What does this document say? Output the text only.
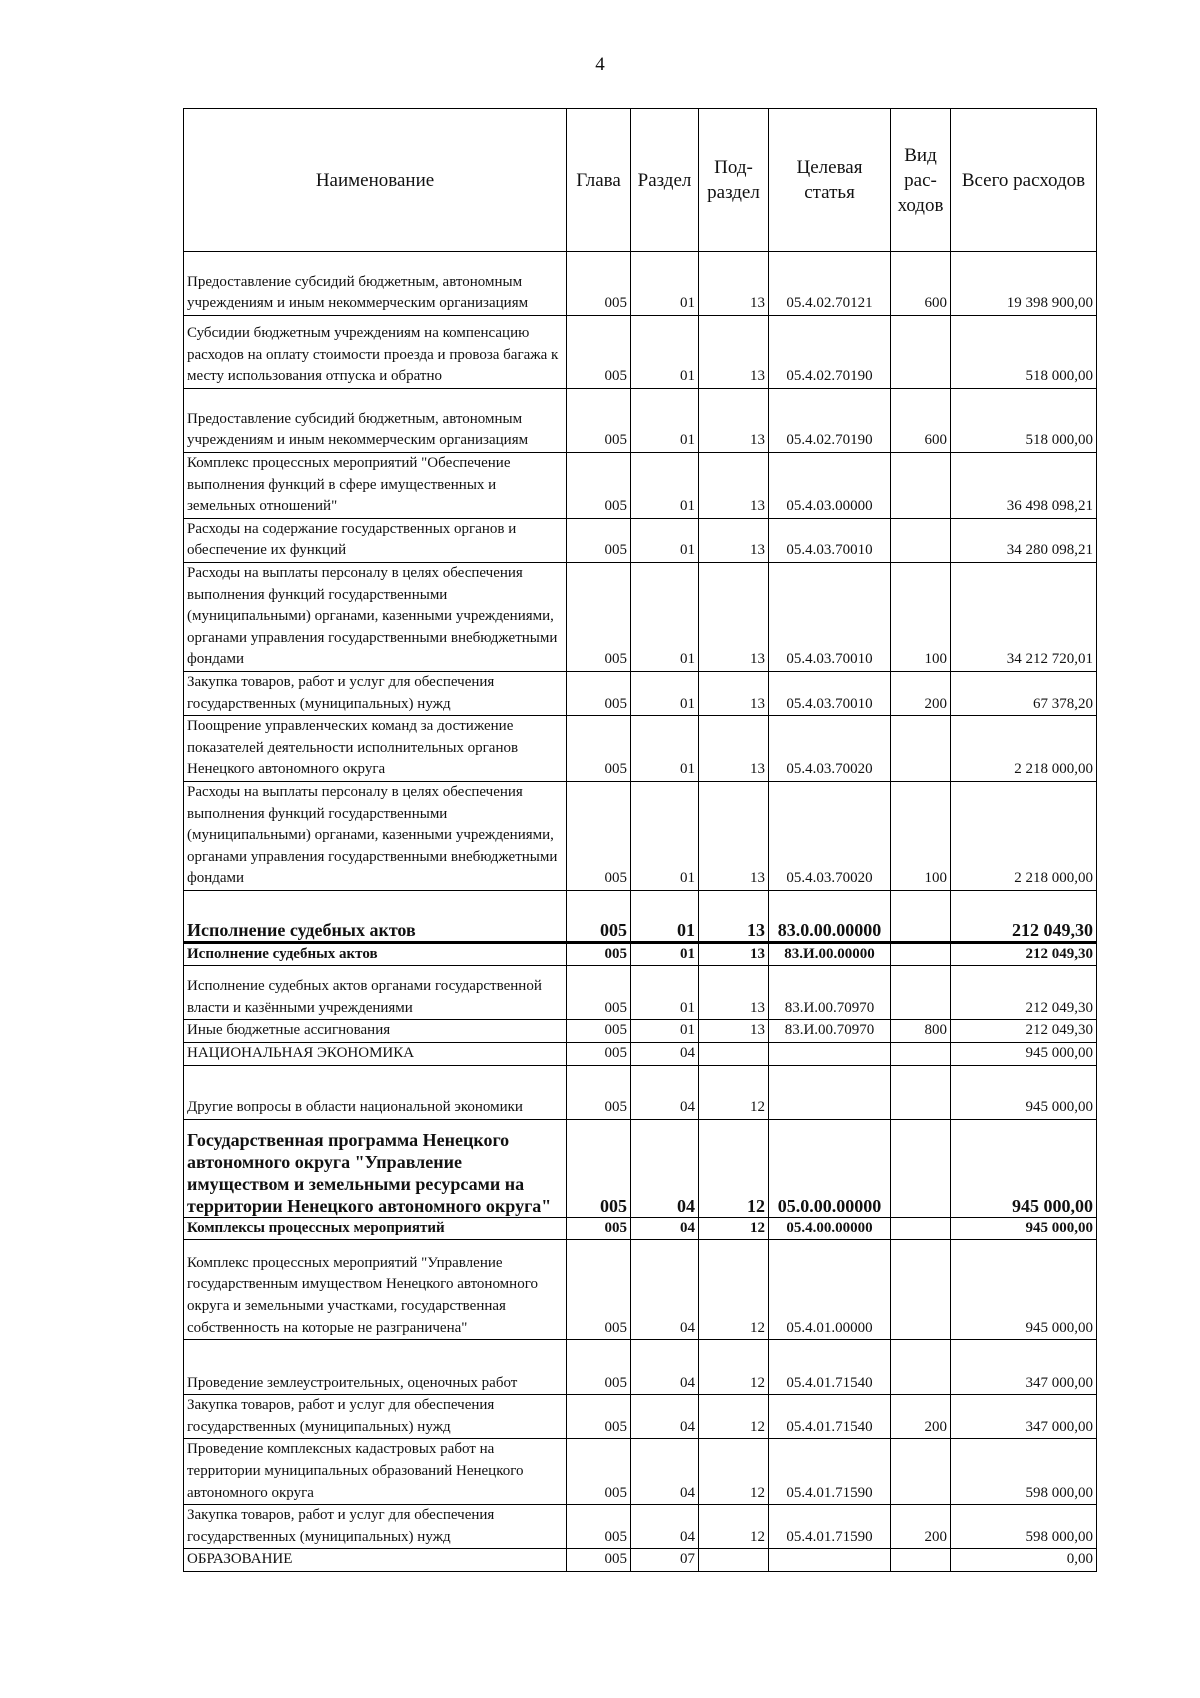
4
Наименование	Глава	Раздел	Под-раздел	Целевая статья	Вид рас-ходов	Всего расходов
Предоставление субсидий бюджетным, автономным учреждениям и иным некоммерческим организациям	005	01	13	05.4.02.70121	600	19 398 900,00
Субсидии бюджетным учреждениям на компенсацию расходов на оплату стоимости проезда и провоза багажа к месту использования отпуска и обратно	005	01	13	05.4.02.70190		518 000,00
Предоставление субсидий бюджетным, автономным учреждениям и иным некоммерческим организациям	005	01	13	05.4.02.70190	600	518 000,00
Комплекс процессных мероприятий "Обеспечение выполнения функций в сфере имущественных и земельных отношений"	005	01	13	05.4.03.00000		36 498 098,21
Расходы на содержание государственных органов и обеспечение их функций	005	01	13	05.4.03.70010		34 280 098,21
Расходы на выплаты персоналу в целях обеспечения выполнения функций государственными (муниципальными) органами, казенными учреждениями, органами управления государственными внебюджетными фондами	005	01	13	05.4.03.70010	100	34 212 720,01
Закупка товаров, работ и услуг для обеспечения государственных (муниципальных) нужд	005	01	13	05.4.03.70010	200	67 378,20
Поощрение управленческих команд за достижение показателей деятельности исполнительных органов Ненецкого автономного округа	005	01	13	05.4.03.70020		2 218 000,00
Расходы на выплаты персоналу в целях обеспечения выполнения функций государственными (муниципальными) органами, казенными учреждениями, органами управления государственными внебюджетными фондами	005	01	13	05.4.03.70020	100	2 218 000,00
Исполнение судебных актов	005	01	13	83.0.00.00000		212 049,30
Исполнение судебных актов	005	01	13	83.И.00.00000		212 049,30
Исполнение судебных актов органами государственной власти и казёнными учреждениями	005	01	13	83.И.00.70970		212 049,30
Иные бюджетные ассигнования	005	01	13	83.И.00.70970	800	212 049,30
НАЦИОНАЛЬНАЯ ЭКОНОМИКА	005	04				945 000,00
Другие вопросы в области национальной экономики	005	04	12			945 000,00
Государственная программа Ненецкого автономного округа "Управление имуществом и земельными ресурсами на территории Ненецкого автономного округа"	005	04	12	05.0.00.00000		945 000,00
Комплексы процессных мероприятий	005	04	12	05.4.00.00000		945 000,00
Комплекс процессных мероприятий "Управление государственным имуществом Ненецкого автономного округа и земельными участками, государственная собственность на которые не разграничена"	005	04	12	05.4.01.00000		945 000,00
Проведение землеустроительных, оценочных работ	005	04	12	05.4.01.71540		347 000,00
Закупка товаров, работ и услуг для обеспечения государственных (муниципальных) нужд	005	04	12	05.4.01.71540	200	347 000,00
Проведение комплексных кадастровых работ на территории муниципальных образований Ненецкого автономного округа	005	04	12	05.4.01.71590		598 000,00
Закупка товаров, работ и услуг для обеспечения государственных (муниципальных) нужд	005	04	12	05.4.01.71590	200	598 000,00
ОБРАЗОВАНИЕ	005	07				0,00
